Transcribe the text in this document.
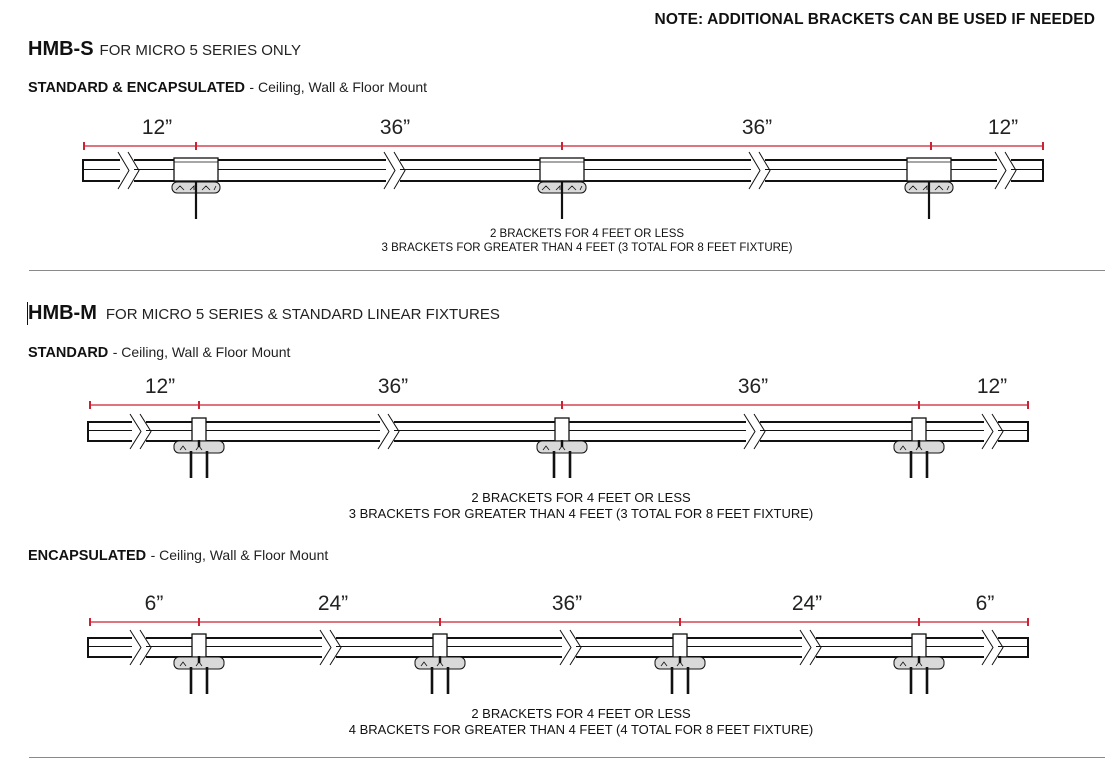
NOTE: ADDITIONAL BRACKETS CAN BE USED IF NEEDED
HMB-S FOR MICRO 5 SERIES ONLY
STANDARD & ENCAPSULATED - Ceiling, Wall & Floor Mount
2 BRACKETS FOR 4 FEET OR LESS
3 BRACKETS FOR GREATER THAN 4 FEET (3 TOTAL FOR 8 FEET FIXTURE)
HMB-M FOR MICRO 5 SERIES & STANDARD LINEAR FIXTURES
STANDARD - Ceiling, Wall & Floor Mount
2 BRACKETS FOR 4 FEET OR LESS
3 BRACKETS FOR GREATER THAN 4 FEET (3 TOTAL FOR 8 FEET FIXTURE)
ENCAPSULATED - Ceiling, Wall & Floor Mount
2 BRACKETS FOR 4 FEET OR LESS
4 BRACKETS FOR GREATER THAN 4 FEET (4 TOTAL FOR 8 FEET FIXTURE)
12”	36”	36”	12”
12”	36”	36”	12”
6”	24”	36”	24”	6”
